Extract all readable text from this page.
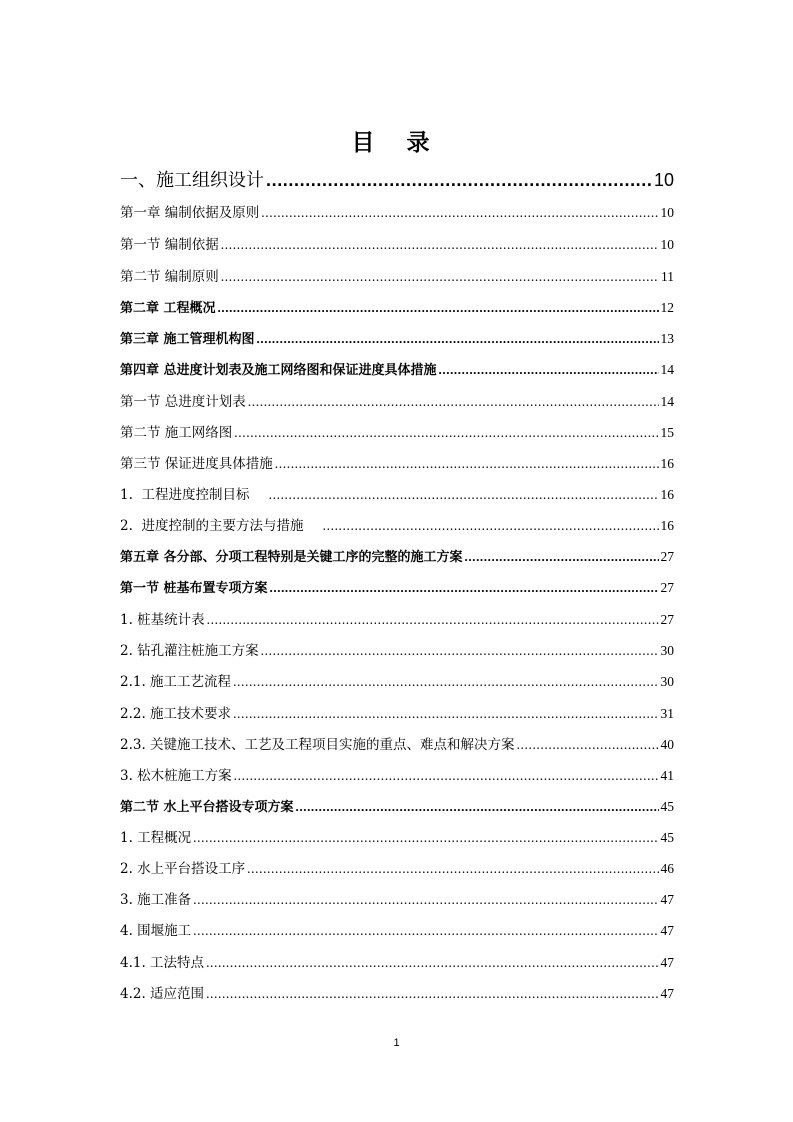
目 录
一、施工组织设计 .....	10
第一章 编制依据及原则 .....	10
第一节 编制依据 .....	10
第二节 编制原则 .....	11
第二章 工程概况 .....	12
第三章 施工管理机构图 .....	13
第四章 总进度计划表及施工网络图和保证进度具体措施 .....	14
第一节 总进度计划表 .....	14
第二节 施工网络图 .....	15
第三节 保证进度具体措施 .....	16
1.  工程进度控制目标 .....	16
2.  进度控制的主要方法与措施 .....	16
第五章 各分部、分项工程特别是关键工序的完整的施工方案 .....	27
第一节 桩基布置专项方案 .....	27
1. 桩基统计表 .....	27
2. 钻孔灌注桩施工方案 .....	30
2.1. 施工工艺流程 .....	30
2.2. 施工技术要求 .....	31
2.3. 关键施工技术、工艺及工程项目实施的重点、难点和解决方案 .....	40
3. 松木桩施工方案 .....	41
第二节 水上平台搭设专项方案 .....	45
1. 工程概况 .....	45
2. 水上平台搭设工序 .....	46
3. 施工准备 .....	47
4. 围堰施工 .....	47
4.1. 工法特点 .....	47
4.2. 适应范围 .....	47
1
